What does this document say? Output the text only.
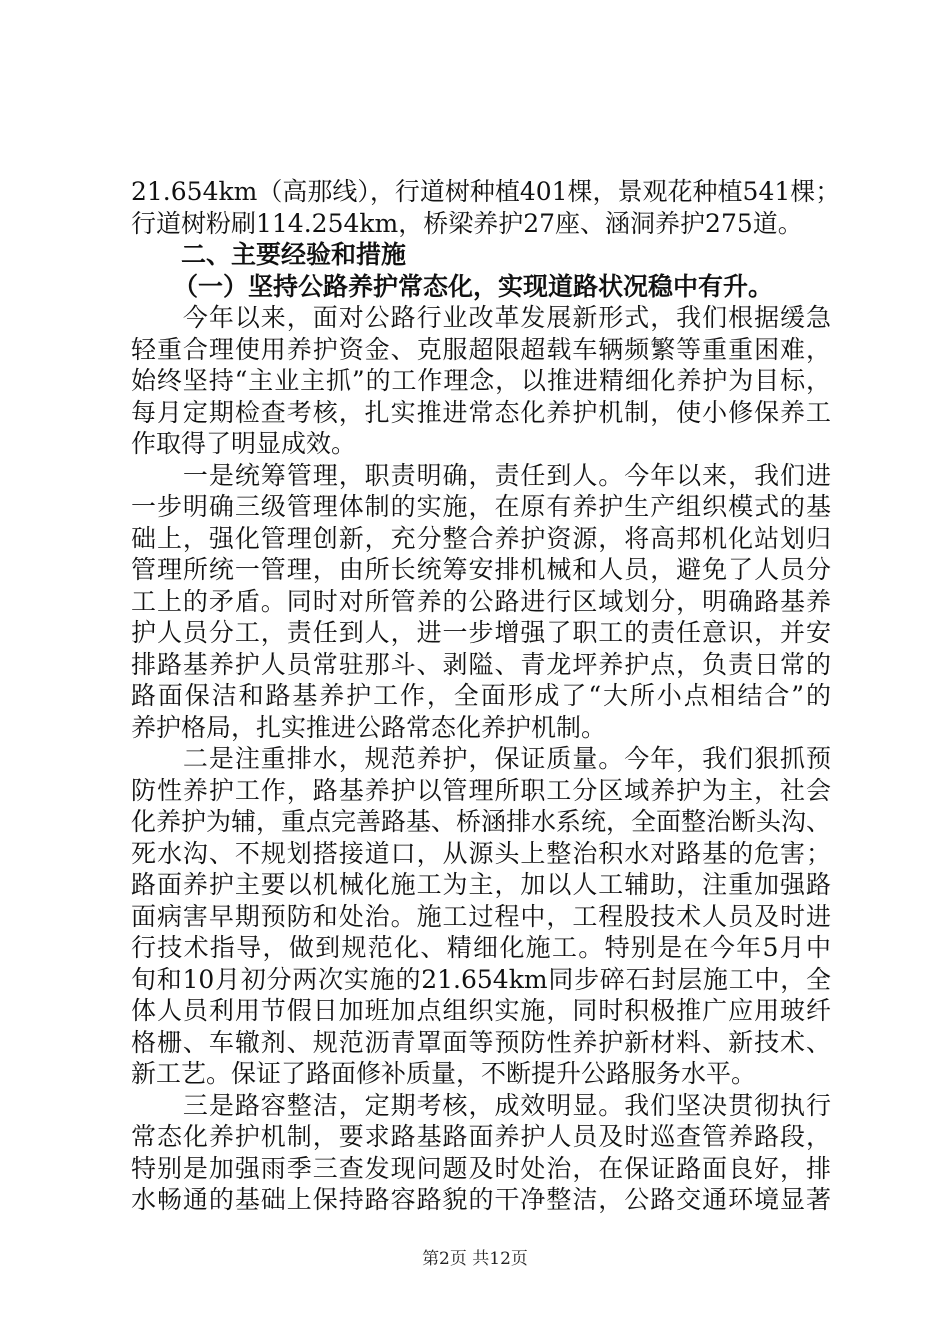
21.654km（高那线），行道树种植401棵，景观花种植541棵；
行道树粉刷114.254km，桥梁养护27座、涵洞养护275道。
二、主要经验和措施
（一）坚持公路养护常态化，实现道路状况稳中有升。
　　今年以来，面对公路行业改革发展新形式，我们根据缓急
轻重合理使用养护资金、克服超限超载车辆频繁等重重困难，
始终坚持“主业主抓”的工作理念，以推进精细化养护为目标，
每月定期检查考核，扎实推进常态化养护机制，使小修保养工
作取得了明显成效。
　　一是统筹管理，职责明确，责任到人。今年以来，我们进
一步明确三级管理体制的实施，在原有养护生产组织模式的基
础上，强化管理创新，充分整合养护资源，将高邦机化站划归
管理所统一管理，由所长统筹安排机械和人员，避免了人员分
工上的矛盾。同时对所管养的公路进行区域划分，明确路基养
护人员分工，责任到人，进一步增强了职工的责任意识，并安
排路基养护人员常驻那斗、剥隘、青龙坪养护点，负责日常的
路面保洁和路基养护工作，全面形成了“大所小点相结合”的
养护格局，扎实推进公路常态化养护机制。
　　二是注重排水，规范养护，保证质量。今年，我们狠抓预
防性养护工作，路基养护以管理所职工分区域养护为主，社会
化养护为辅，重点完善路基、桥涵排水系统，全面整治断头沟、
死水沟、不规划搭接道口，从源头上整治积水对路基的危害；
路面养护主要以机械化施工为主，加以人工辅助，注重加强路
面病害早期预防和处治。施工过程中，工程股技术人员及时进
行技术指导，做到规范化、精细化施工。特别是在今年5月中
旬和10月初分两次实施的21.654km同步碎石封层施工中，全
体人员利用节假日加班加点组织实施，同时积极推广应用玻纤
格栅、车辙剂、规范沥青罩面等预防性养护新材料、新技术、
新工艺。保证了路面修补质量，不断提升公路服务水平。
　　三是路容整洁，定期考核，成效明显。我们坚决贯彻执行
常态化养护机制，要求路基路面养护人员及时巡查管养路段，
特别是加强雨季三查发现问题及时处治，在保证路面良好，排
水畅通的基础上保持路容路貌的干净整洁，公路交通环境显著
第2页 共12页
